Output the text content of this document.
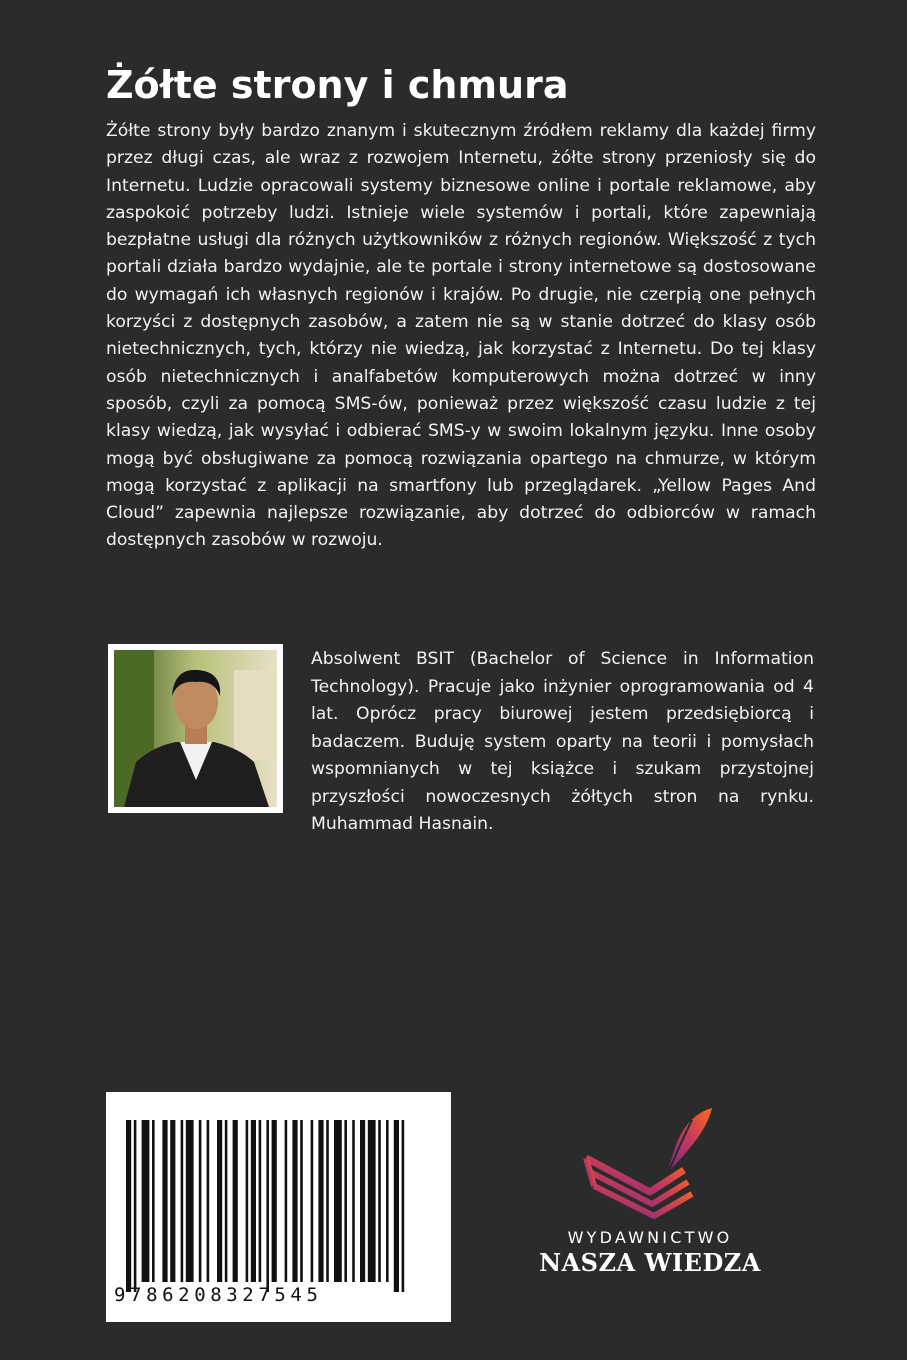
Żółte strony i chmura

Żółte strony były bardzo znanym i skutecznym źródłem reklamy dla każdej firmy przez długi czas, ale wraz z rozwojem Internetu, żółte strony przeniosły się do Internetu. Ludzie opracowali systemy biznesowe online i portale reklamowe, aby zaspokoić potrzeby ludzi. Istnieje wiele systemów i portali, które zapewniają bezpłatne usługi dla różnych użytkowników z różnych regionów. Większość z tych portali działa bardzo wydajnie, ale te portale i strony internetowe są dostosowane do wymagań ich własnych regionów i krajów. Po drugie, nie czerpią one pełnych korzyści z dostępnych zasobów, a zatem nie są w stanie dotrzeć do klasy osób nietechnicznych, tych, którzy nie wiedzą, jak korzystać z Internetu. Do tej klasy osób nietechnicznych i analfabetów komputerowych można dotrzeć w inny sposób, czyli za pomocą SMS-ów, ponieważ przez większość czasu ludzie z tej klasy wiedzą, jak wysyłać i odbierać SMS-y w swoim lokalnym języku. Inne osoby mogą być obsługiwane za pomocą rozwiązania opartego na chmurze, w którym mogą korzystać z aplikacji na smartfony lub przeglądarek. „Yellow Pages And Cloud” zapewnia najlepsze rozwiązanie, aby dotrzeć do odbiorców w ramach dostępnych zasobów w rozwoju.

Absolwent BSIT (Bachelor of Science in Information Technology). Pracuje jako inżynier oprogramowania od 4 lat. Oprócz pracy biurowej jestem przedsiębiorcą i badaczem. Buduję system oparty na teorii i pomysłach wspomnianych w tej książce i szukam przystojnej przyszłości nowoczesnych żółtych stron na rynku. Muhammad Hasnain.

9786208327545
WYDAWNICTWO
NASZA WIEDZA
